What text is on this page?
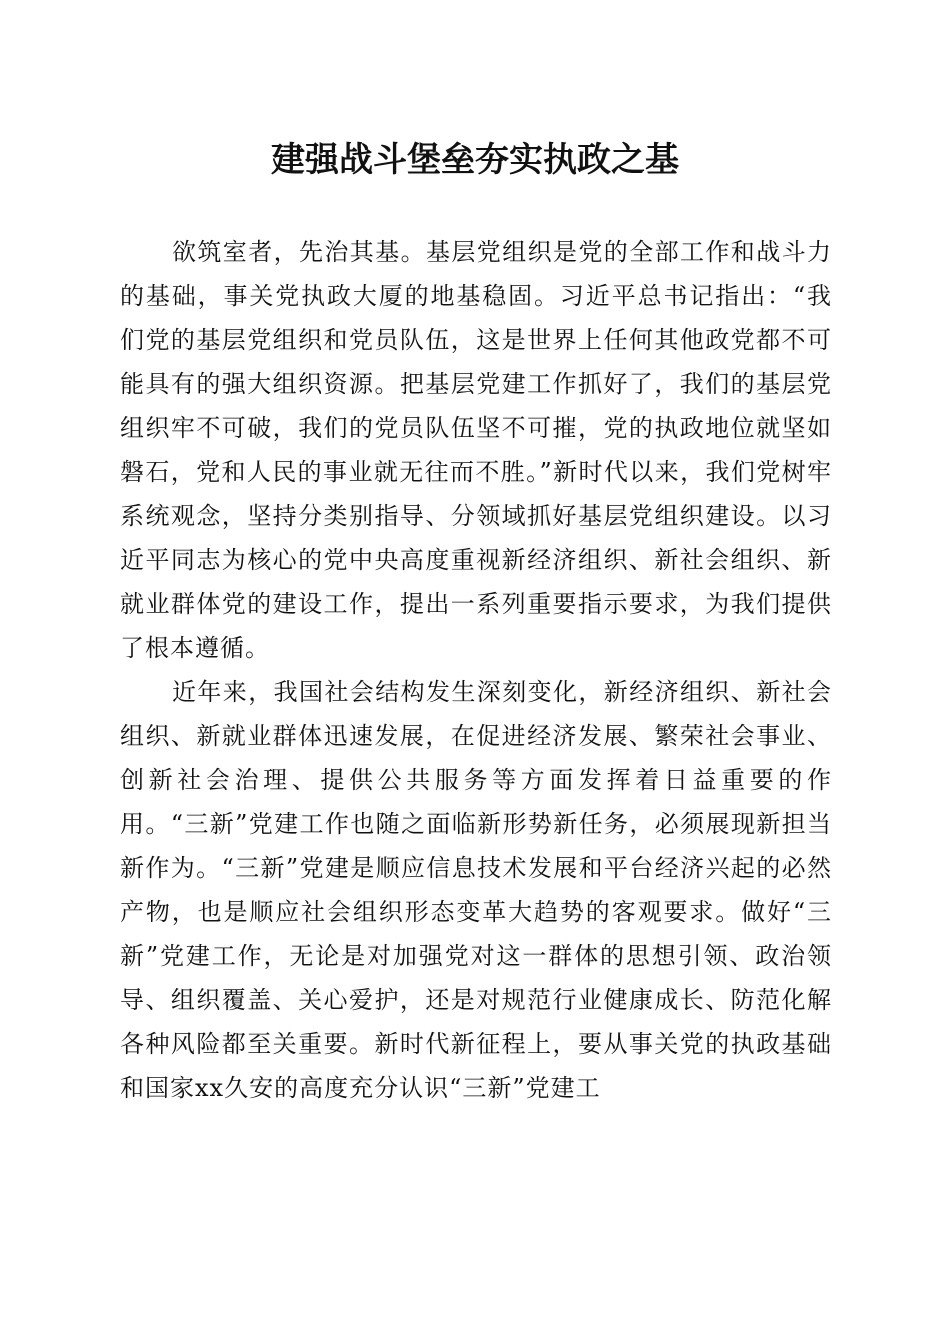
建强战斗堡垒夯实执政之基

欲筑室者，先治其基。基层党组织是党的全部工作和战斗力的基础，事关党执政大厦的地基稳固。习近平总书记指出：“我们党的基层党组织和党员队伍，这是世界上任何其他政党都不可能具有的强大组织资源。把基层党建工作抓好了，我们的基层党组织牢不可破，我们的党员队伍坚不可摧，党的执政地位就坚如磐石，党和人民的事业就无往而不胜。”新时代以来，我们党树牢系统观念，坚持分类别指导、分领域抓好基层党组织建设。以习近平同志为核心的党中央高度重视新经济组织、新社会组织、新就业群体党的建设工作，提出一系列重要指示要求，为我们提供了根本遵循。

近年来，我国社会结构发生深刻变化，新经济组织、新社会组织、新就业群体迅速发展，在促进经济发展、繁荣社会事业、创新社会治理、提供公共服务等方面发挥着日益重要的作用。“三新”党建工作也随之面临新形势新任务，必须展现新担当新作为。“三新”党建是顺应信息技术发展和平台经济兴起的必然产物，也是顺应社会组织形态变革大趋势的客观要求。做好“三新”党建工作，无论是对加强党对这一群体的思想引领、政治领导、组织覆盖、关心爱护，还是对规范行业健康成长、防范化解各种风险都至关重要。新时代新征程上，要从事关党的执政基础和国家xx久安的高度充分认识“三新”党建工
